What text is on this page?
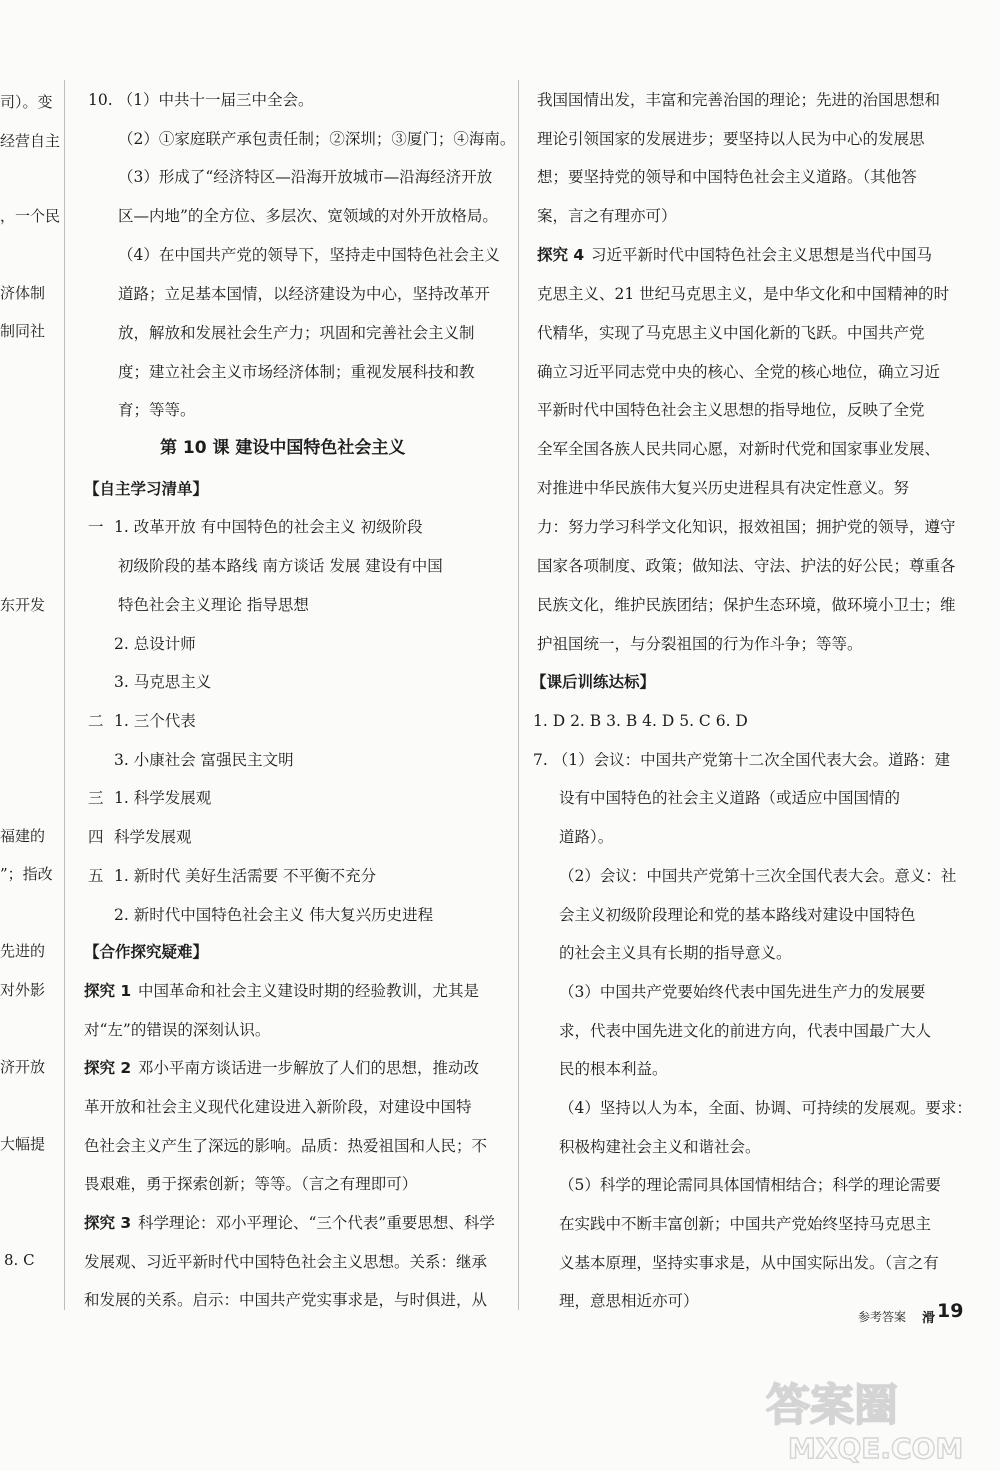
司）。变
经营自主
，一个民
济体制
制同社
东开发
福建的
”；指改
先进的
对外影
济开放
大幅提
8. C
10. （1）中共十一届三中全会。
（2）①家庭联产承包责任制；②深圳；③厦门；④海南。
（3）形成了“经济特区—沿海开放城市—沿海经济开放
区—内地”的全方位、多层次、宽领域的对外开放格局。
（4）在中国共产党的领导下，坚持走中国特色社会主义
道路；立足基本国情，以经济建设为中心，坚持改革开
放，解放和发展社会生产力；巩固和完善社会主义制
度；建立社会主义市场经济体制；重视发展科技和教
育；等等。
第 10 课 建设中国特色社会主义
【自主学习清单】
一 1. 改革开放 有中国特色的社会主义 初级阶段
初级阶段的基本路线 南方谈话 发展 建设有中国
特色社会主义理论 指导思想
2. 总设计师
3. 马克思主义
二 1. 三个代表
3. 小康社会 富强民主文明
三 1. 科学发展观
四 科学发展观
五 1. 新时代 美好生活需要 不平衡不充分
2. 新时代中国特色社会主义 伟大复兴历史进程
【合作探究疑难】
探究 1 中国革命和社会主义建设时期的经验教训，尤其是
对“左”的错误的深刻认识。
探究 2 邓小平南方谈话进一步解放了人们的思想，推动改
革开放和社会主义现代化建设进入新阶段，对建设中国特
色社会主义产生了深远的影响。品质：热爱祖国和人民；不
畏艰难，勇于探索创新；等等。（言之有理即可）
探究 3 科学理论：邓小平理论、“三个代表”重要思想、科学
发展观、习近平新时代中国特色社会主义思想。关系：继承
和发展的关系。启示：中国共产党实事求是，与时俱进，从
我国国情出发，丰富和完善治国的理论；先进的治国思想和
理论引领国家的发展进步；要坚持以人民为中心的发展思
想；要坚持党的领导和中国特色社会主义道路。（其他答
案，言之有理亦可）
探究 4 习近平新时代中国特色社会主义思想是当代中国马
克思主义、21 世纪马克思主义，是中华文化和中国精神的时
代精华，实现了马克思主义中国化新的飞跃。中国共产党
确立习近平同志党中央的核心、全党的核心地位，确立习近
平新时代中国特色社会主义思想的指导地位，反映了全党
全军全国各族人民共同心愿，对新时代党和国家事业发展、
对推进中华民族伟大复兴历史进程具有决定性意义。努
力：努力学习科学文化知识，报效祖国；拥护党的领导，遵守
国家各项制度、政策；做知法、守法、护法的好公民；尊重各
民族文化，维护民族团结；保护生态环境，做环境小卫士；维
护祖国统一，与分裂祖国的行为作斗争；等等。
【课后训练达标】
1. D 2. B 3. B 4. D 5. C 6. D
7. （1）会议：中国共产党第十二次全国代表大会。道路：建
设有中国特色的社会主义道路（或适应中国国情的
道路）。
（2）会议：中国共产党第十三次全国代表大会。意义：社
会主义初级阶段理论和党的基本路线对建设中国特色
的社会主义具有长期的指导意义。
（3）中国共产党要始终代表中国先进生产力的发展要
求，代表中国先进文化的前进方向，代表中国最广大人
民的根本利益。
（4）坚持以人为本，全面、协调、可持续的发展观。要求：
积极构建社会主义和谐社会。
（5）科学的理论需同具体国情相结合；科学的理论需要
在实践中不断丰富创新；中国共产党始终坚持马克思主
义基本原理，坚持实事求是，从中国实际出发。（言之有
理，意思相近亦可）
参考答案 滑 19
答案圈
MXQE.COM
